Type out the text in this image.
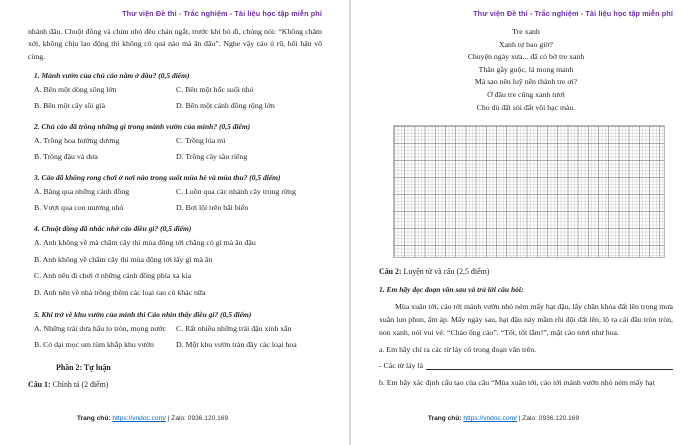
Thư viện Đề thi - Trắc nghiệm - Tài liệu học tập miễn phí

nhánh đâu. Chuột đồng và chim nhỏ đều chán ngắt, trước khi bỏ đi, chúng nói: “Không chăm xới, không chịu lao động thì không có quả nào mà ăn đâu”. Nghe vậy cáo ủ rũ, hối hận vô cùng.

1. Mảnh vườn của chú cáo nằm ở đâu? (0,5 điểm)

A. Bên một dòng sông lớn	C. Bên một hốc suối nhỏ
B. Bên một cây sồi già	D. Bên một cánh đồng rộng lớn

2. Chú cáo đã trồng những gì trong mảnh vườn của mình? (0,5 điểm)

A. Trồng hoa hướng dương	C. Trồng lúa mì
B. Trồng đậu và dưa	D. Trồng cây sầu riêng

3. Cáo đã không rong chơi ở nơi nào trong suốt mùa hè và mùa thu? (0,5 điểm)

A. Băng qua những cánh đồng	C. Luồn qua các nhánh cây trong rừng
B. Vượt qua con mương nhỏ	D. Bơi lội trên bãi biển

4. Chuột đồng đã nhắc nhở cáo điều gì? (0,5 điểm)

A. Anh không về mà chăm cây thì mùa đông tới chẳng có gì mà ăn đâu
B. Anh không về chăm cây thì mùa đông tới lấy gì mà ăn
C. Anh nên đi chơi ở những cánh đồng phía xa kia
D. Anh nên về nhà trồng thêm các loại rau củ khác nữa

5. Khi trở về khu vườn của mình thì Cáo nhìn thấy điều gì? (0,5 điểm)

A. Những trái dưa hấu to tròn, mọng nước	C. Rất nhiều những trái đậu xinh xắn
B. Cỏ dại mọc um tùm khắp khu vườn	D. Một khu vườn tràn đầy các loại hoa

Phần 2: Tự luận

Câu 1: Chính tả (2 điểm)

Trang chủ: https://vndoc.com/ | Zalo: 0936.120.169
Thư viện Đề thi - Trắc nghiệm - Tài liệu học tập miễn phí
Tre xanh
Xanh tự bao giờ?
Chuyện ngày xưa... đã có bờ tre xanh
Thân gầy guộc, lá mong manh
Mà sao nên luỹ nên thành tre ơi?
Ở đâu tre cũng xanh tươi
Cho dù đất sỏi đất vôi bạc màu.

Câu 2: Luyện từ và câu (2,5 điểm)

1. Em hãy đọc đoạn văn sau và trả lời câu hỏi:

Mùa xuân tới, cáo tới mảnh vườn nhỏ ném mấy hạt đậu, lấy chân khỏa đất lên trong mưa xuân lun phun, ấm áp. Mấy ngày sau, hạt đậu nảy mầm rồi đội đất lên, lộ ra cái đầu tròn tròn, non xanh, nói vui vẻ: “Chào ông cáo”. “Tốt, tốt lắm!”, mặt cáo tươi như hoa.

a. Em hãy chỉ ra các từ láy có trong đoạn văn trên.

- Các từ láy là

b. Em hãy xác định cấu tạo của câu “Mùa xuân tới, cáo tới mảnh vườn nhỏ ném mấy hạt

Trang chủ: https://vndoc.com/ | Zalo: 0936.120.169
